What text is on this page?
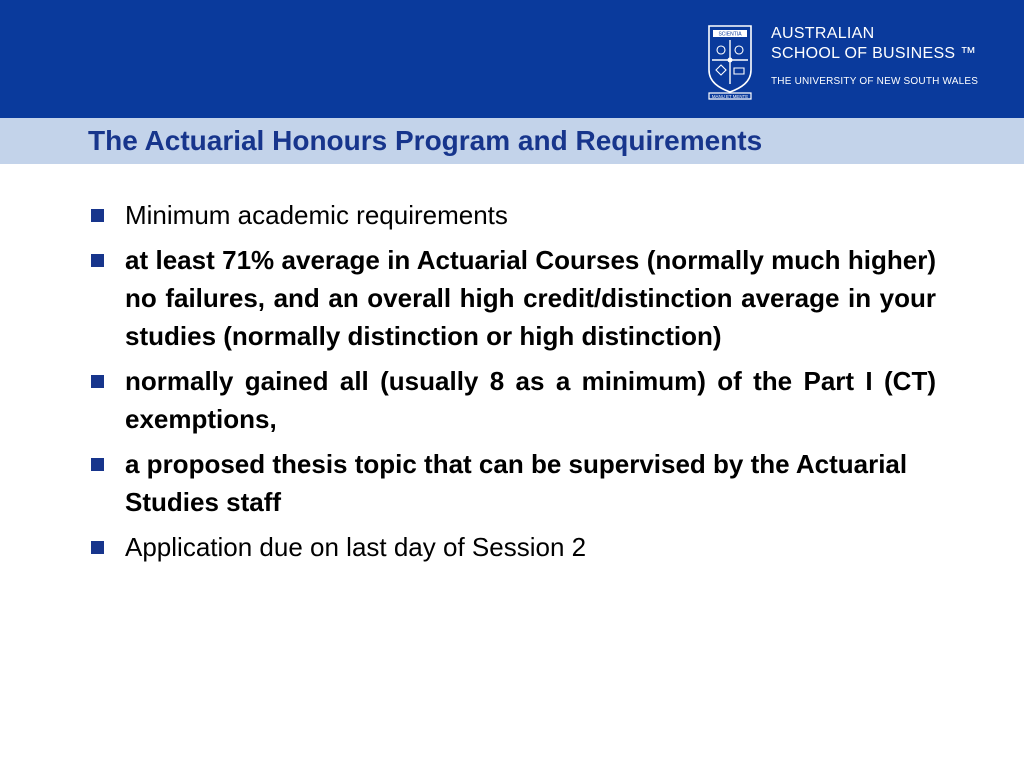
SCIENTIA
MANU ET MENTE
AUSTRALIAN
SCHOOL OF BUSINESS ™
THE UNIVERSITY OF NEW SOUTH WALES
The Actuarial Honours Program and Requirements
Minimum academic requirements
at least 71% average in Actuarial Courses (normally much higher) no failures, and an overall high credit/distinction average in your studies (normally distinction or high distinction)
normally gained all (usually 8 as a minimum) of the Part I (CT) exemptions,
a proposed thesis topic that can be supervised by the Actuarial Studies staff
Application due on last day of Session 2
